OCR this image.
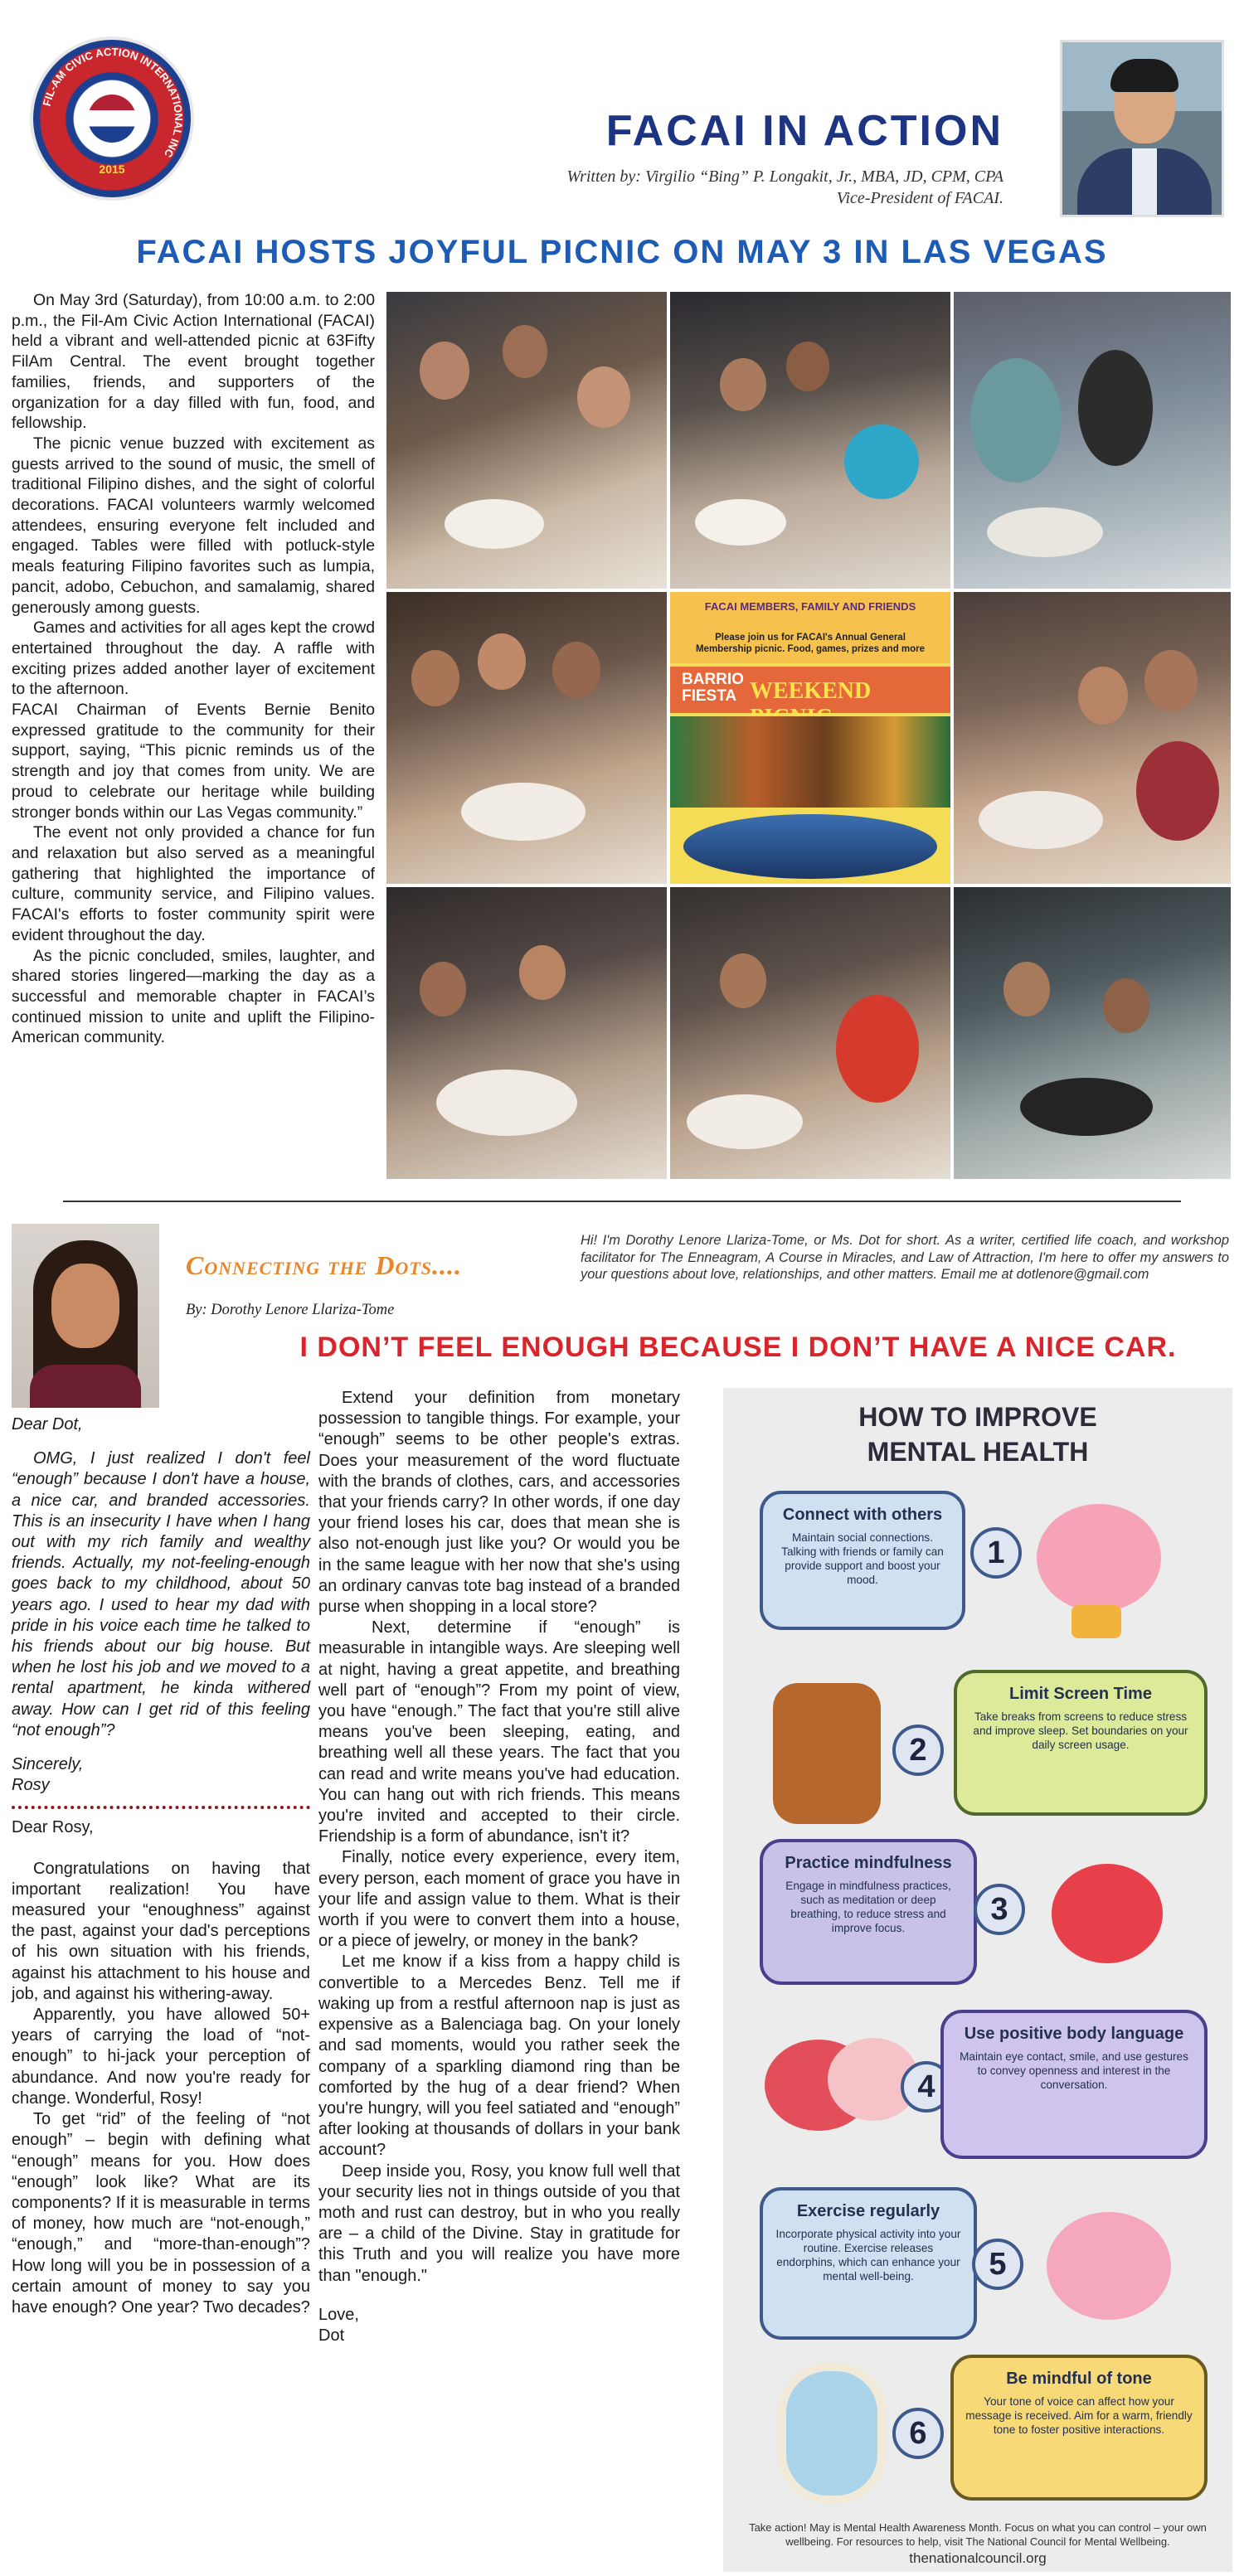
FIL-AM CIVIC ACTION INTERNATIONAL INC
2015
FACAI IN ACTION
Written by: Virgilio “Bing” P. Longakit, Jr., MBA, JD, CPM, CPA
Vice-President of FACAI.
FACAI HOSTS JOYFUL PICNIC ON MAY 3 IN LAS VEGAS

On May 3rd (Saturday), from 10:00 a.m. to 2:00 p.m., the Fil-Am Civic Action International (FACAI) held a vibrant and well-attended picnic at 63Fifty FilAm Central. The event brought together families, friends, and supporters of the organization for a day filled with fun, food, and fellowship.

The picnic venue buzzed with excitement as guests arrived to the sound of music, the smell of traditional Filipino dishes, and the sight of colorful decorations. FACAI volunteers warmly welcomed attendees, ensuring everyone felt included and engaged. Tables were filled with potluck-style meals featuring Filipino favorites such as lumpia, pancit, adobo, Cebuchon, and samalamig, shared generously among guests.

Games and activities for all ages kept the crowd entertained throughout the day. A raffle with exciting prizes added another layer of excitement to the afternoon.

FACAI Chairman of Events Bernie Benito expressed gratitude to the community for their support, saying, “This picnic reminds us of the strength and joy that comes from unity. We are proud to celebrate our heritage while building stronger bonds within our Las Vegas community.”

The event not only provided a chance for fun and relaxation but also served as a meaningful gathering that highlighted the importance of culture, community service, and Filipino values. FACAI's efforts to foster community spirit were evident throughout the day.

As the picnic concluded, smiles, laughter, and shared stories lingered—marking the day as a successful and memorable chapter in FACAI’s continued mission to unite and uplift the Filipino-American community.

FACAI MEMBERS, FAMILY AND FRIENDS
Please join us for FACAI's Annual General Membership picnic. Food, games, prizes and more
BARRIO FIESTA WEEKEND
Connecting the Dots....
By: Dorothy Lenore Llariza-Tome
Hi! I'm Dorothy Lenore Llariza-Tome, or Ms. Dot for short. As a writer, certified life coach, and workshop facilitator for The Enneagram, A Course in Miracles, and Law of Attraction, I'm here to offer my answers to your questions about love, relationships, and other matters. Email me at dotlenore@gmail.com
I DON’T FEEL ENOUGH BECAUSE I DON’T HAVE A NICE CAR.

Dear Dot,

OMG, I just realized I don't feel “enough” because I don't have a house, a nice car, and branded accessories. This is an insecurity I have when I hang out with my rich family and wealthy friends. Actually, my not-feeling-enough goes back to my childhood, about 50 years ago. I used to hear my dad with pride in his voice each time he talked to his friends about our big house. But when he lost his job and we moved to a rental apartment, he kinda withered away. How can I get rid of this feeling “not enough”?

Sincerely,

Rosy

Dear Rosy,

Congratulations on having that important realization! You have measured your “enoughness” against the past, against your dad's perceptions of his own situation with his friends, against his attachment to his house and job, and against his withering-away.

Apparently, you have allowed 50+ years of carrying the load of “not-enough” to hi-jack your perception of abundance. And now you're ready for change. Wonderful, Rosy!

To get “rid” of the feeling of “not enough” – begin with defining what “enough” means for you. How does “enough” look like? What are its components? If it is measurable in terms of money, how much are “not-enough,” “enough,” and “more-than-enough”? How long will you be in possession of a certain amount of money to say you have enough? One year? Two decades?

Extend your definition from monetary possession to tangible things. For example, your “enough” seems to be other people's extras. Does your measurement of the word fluctuate with the brands of clothes, cars, and accessories that your friends carry? In other words, if one day your friend loses his car, does that mean she is also not-enough just like you? Or would you be in the same league with her now that she's using an ordinary canvas tote bag instead of a branded purse when shopping in a local store?

Next, determine if “enough” is measurable in intangible ways. Are sleeping well at night, having a great appetite, and breathing well part of “enough”? From my point of view, you have “enough.” The fact that you're still alive means you've been sleeping, eating, and breathing well all these years. The fact that you can read and write means you've had education. You can hang out with rich friends. This means you're invited and accepted to their circle. Friendship is a form of abundance, isn't it?

Finally, notice every experience, every item, every person, each moment of grace you have in your life and assign value to them. What is their worth if you were to convert them into a house, or a piece of jewelry, or money in the bank?

Let me know if a kiss from a happy child is convertible to a Mercedes Benz. Tell me if waking up from a restful afternoon nap is just as expensive as a Balenciaga bag. On your lonely and sad moments, would you rather seek the company of a sparkling diamond ring than be comforted by the hug of a dear friend? When you're hungry, will you feel satiated and “enough” after looking at thousands of dollars in your bank account?

Deep inside you, Rosy, you know full well that your security lies not in things outside of you that moth and rust can destroy, but in who you really are – a child of the Divine. Stay in gratitude for this Truth and you will realize you have more than "enough."

Love,

Dot

HOW TO IMPROVE MENTAL HEALTH
Connect with others
Maintain social connections. Talking with friends or family can provide support and boost your mood.
1
2
Limit Screen Time
Take breaks from screens to reduce stress and improve sleep. Set boundaries on your daily screen usage.
Practice mindfulness
Engage in mindfulness practices, such as meditation or deep breathing, to reduce stress and improve focus.
3
4
Use positive body language
Maintain eye contact, smile, and use gestures to convey openness and interest in the conversation.
Exercise regularly
Incorporate physical activity into your routine. Exercise releases endorphins, which can enhance your mental well-being.	5
6
Be mindful of tone
Your tone of voice can affect how your message is received. Aim for a warm, friendly tone to foster positive interactions.
Take action! May is Mental Health Awareness Month. Focus on what you can control – your own wellbeing. For resources to help, visit The National Council for Mental Wellbeing.
thenationalcouncil.org
